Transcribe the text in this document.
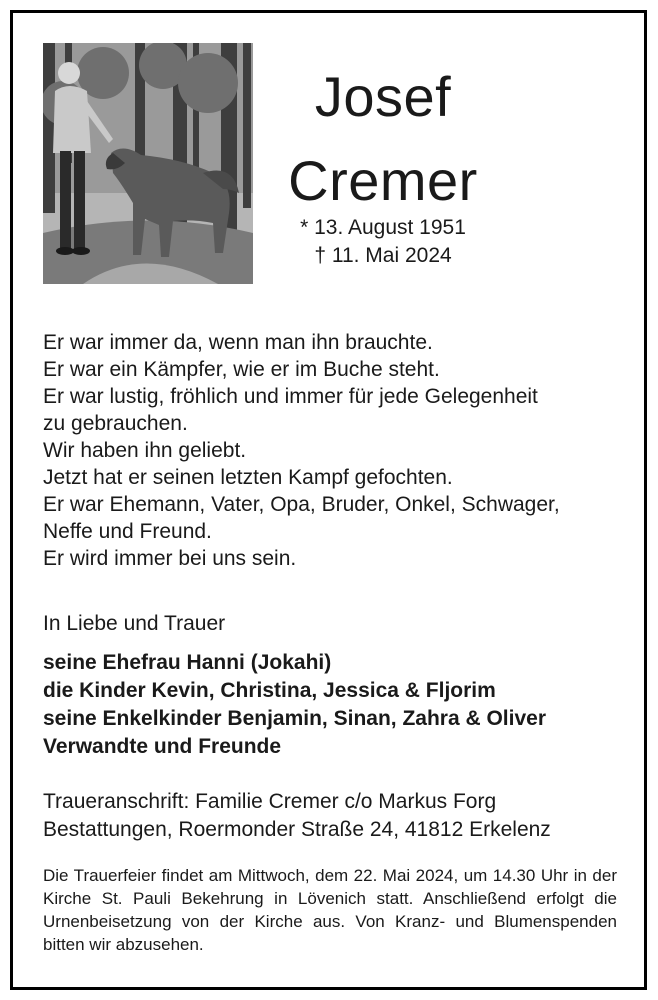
Josef
Cremer
* 13. August 1951
† 11. Mai 2024
Er war immer da, wenn man ihn brauchte.
Er war ein Kämpfer, wie er im Buche steht.
Er war lustig, fröhlich und immer für jede Gelegenheit
zu gebrauchen.
Wir haben ihn geliebt.
Jetzt hat er seinen letzten Kampf gefochten.
Er war Ehemann, Vater, Opa, Bruder, Onkel, Schwager,
Neffe und Freund.
Er wird immer bei uns sein.
In Liebe und Trauer
seine Ehefrau Hanni (Jokahi)
die Kinder Kevin, Christina, Jessica & Fljorim
seine Enkelkinder Benjamin, Sinan, Zahra & Oliver
Verwandte und Freunde
Traueranschrift: Familie Cremer c/o Markus Forg
Bestattungen, Roermonder Straße 24, 41812 Erkelenz
Die Trauerfeier findet am Mittwoch, dem 22. Mai 2024, um 14.30 Uhr in der Kirche St. Pauli Bekehrung in Lövenich statt. Anschließend erfolgt die Urnenbeisetzung von der Kirche aus. Von Kranz- und Blumenspenden bitten wir abzusehen.
